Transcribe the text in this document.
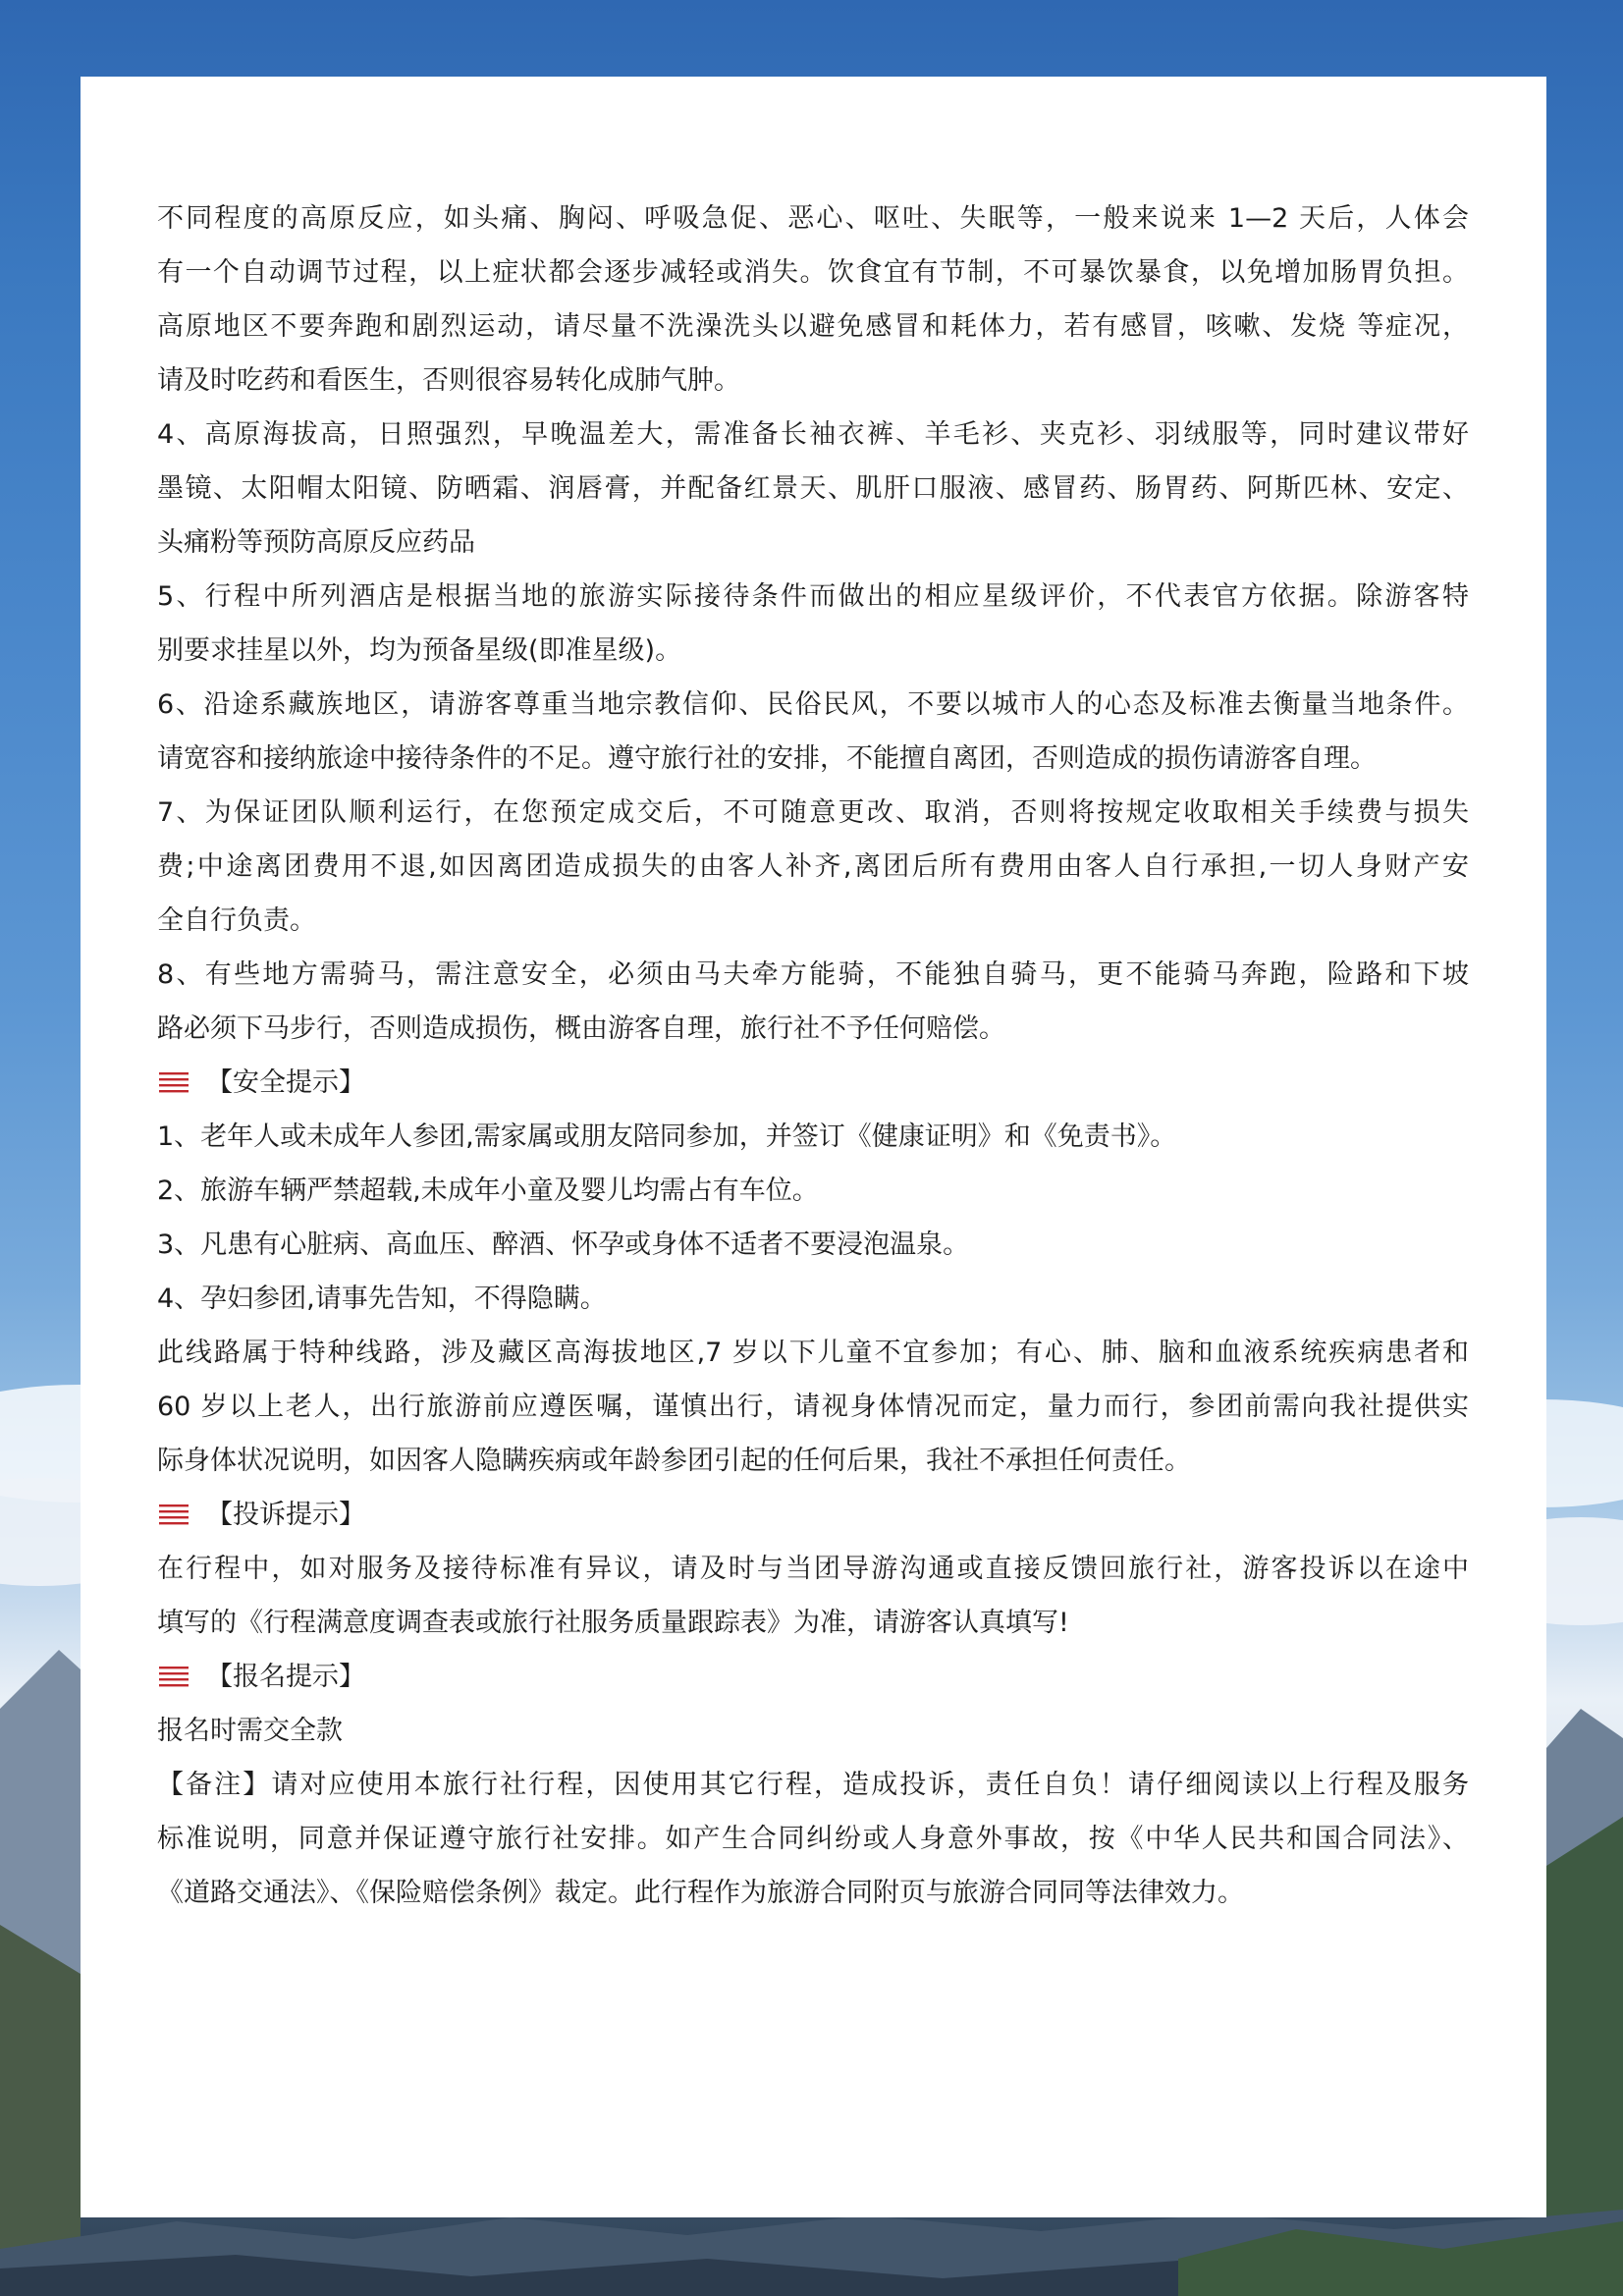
不同程度的高原反应，如头痛、胸闷、呼吸急促、恶心、呕吐、失眠等，一般来说来 1—2 天后，人体会
有一个自动调节过程，以上症状都会逐步减轻或消失。饮食宜有节制，不可暴饮暴食，以免增加肠胃负担。
高原地区不要奔跑和剧烈运动，请尽量不洗澡洗头以避免感冒和耗体力，若有感冒，咳嗽、发烧 等症况，
请及时吃药和看医生，否则很容易转化成肺气肿。
4、高原海拔高，日照强烈，早晚温差大，需准备长袖衣裤、羊毛衫、夹克衫、羽绒服等，同时建议带好
墨镜、太阳帽太阳镜、防晒霜、润唇膏，并配备红景天、肌肝口服液、感冒药、肠胃药、阿斯匹林、安定、
头痛粉等预防高原反应药品
5、行程中所列酒店是根据当地的旅游实际接待条件而做出的相应星级评价，不代表官方依据。除游客特
别要求挂星以外，均为预备星级(即准星级)。
6、沿途系藏族地区，请游客尊重当地宗教信仰、民俗民风，不要以城市人的心态及标准去衡量当地条件。
请宽容和接纳旅途中接待条件的不足。遵守旅行社的安排，不能擅自离团，否则造成的损伤请游客自理。
7、为保证团队顺利运行，在您预定成交后，不可随意更改、取消，否则将按规定收取相关手续费与损失
费;中途离团费用不退,如因离团造成损失的由客人补齐,离团后所有费用由客人自行承担,一切人身财产安
全自行负责。
8、有些地方需骑马，需注意安全，必须由马夫牵方能骑，不能独自骑马，更不能骑马奔跑，险路和下坡
路必须下马步行，否则造成损伤，概由游客自理，旅行社不予任何赔偿。
【安全提示】
1、老年人或未成年人参团,需家属或朋友陪同参加，并签订《健康证明》和《免责书》。
2、旅游车辆严禁超载,未成年小童及婴儿均需占有车位。
3、凡患有心脏病、高血压、醉酒、怀孕或身体不适者不要浸泡温泉。
4、孕妇参团,请事先告知，不得隐瞒。
此线路属于特种线路，涉及藏区高海拔地区,7 岁以下儿童不宜参加；有心、肺、脑和血液系统疾病患者和
60 岁以上老人，出行旅游前应遵医嘱，谨慎出行，请视身体情况而定，量力而行，参团前需向我社提供实
际身体状况说明，如因客人隐瞒疾病或年龄参团引起的任何后果，我社不承担任何责任。
【投诉提示】
在行程中，如对服务及接待标准有异议，请及时与当团导游沟通或直接反馈回旅行社，游客投诉以在途中
填写的《行程满意度调查表或旅行社服务质量跟踪表》为准，请游客认真填写!
【报名提示】
报名时需交全款
【备注】请对应使用本旅行社行程，因使用其它行程，造成投诉，责任自负！请仔细阅读以上行程及服务
标准说明，同意并保证遵守旅行社安排。如产生合同纠纷或人身意外事故，按《中华人民共和国合同法》、
《道路交通法》、《保险赔偿条例》裁定。此行程作为旅游合同附页与旅游合同同等法律效力。
